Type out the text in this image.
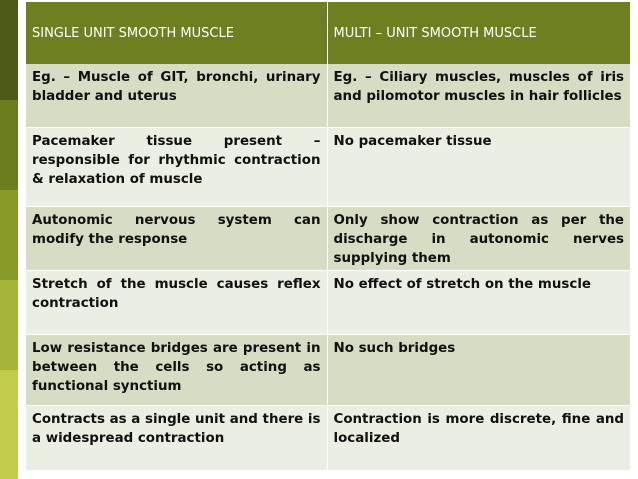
SINGLE UNIT SMOOTH MUSCLE	MULTI – UNIT SMOOTH MUSCLE
Eg. – Muscle of GIT, bronchi, urinary bladder and uterus	Eg. – Ciliary muscles, muscles of iris and pilomotor muscles in hair follicles
Pacemaker tissue present – responsible for rhythmic contraction & relaxation of muscle	No pacemaker tissue
Autonomic nervous system can modify the response	Only show contraction as per the discharge in autonomic nerves supplying them
Stretch of the muscle causes reflex contraction	No effect of stretch on the muscle
Low resistance bridges are present in between the cells so acting as functional synctium	No such bridges
Contracts as a single unit and there is a widespread contraction	Contraction is more discrete, fine and localized
